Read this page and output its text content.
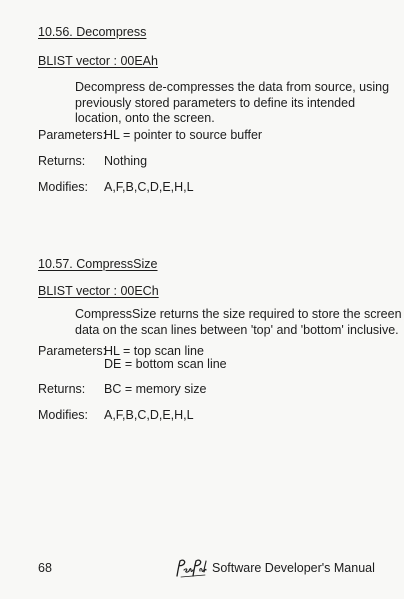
10.56. Decompress
BLIST vector : 00EAh
Decompress de-compresses the data from source, using
previously stored parameters to define its intended
location, onto the screen.
Parameters:
HL = pointer to source buffer
Returns: Nothing
Modifies: A,F,B,C,D,E,H,L
10.57. CompressSize
BLIST vector : 00ECh
CompressSize returns the size required to store the screen
data on the scan lines between 'top' and 'bottom' inclusive.
Parameters:
HL = top scan line
DE = bottom scan line
Returns: BC = memory size
Modifies: A,F,B,C,D,E,H,L
68	Software Developer's Manual
